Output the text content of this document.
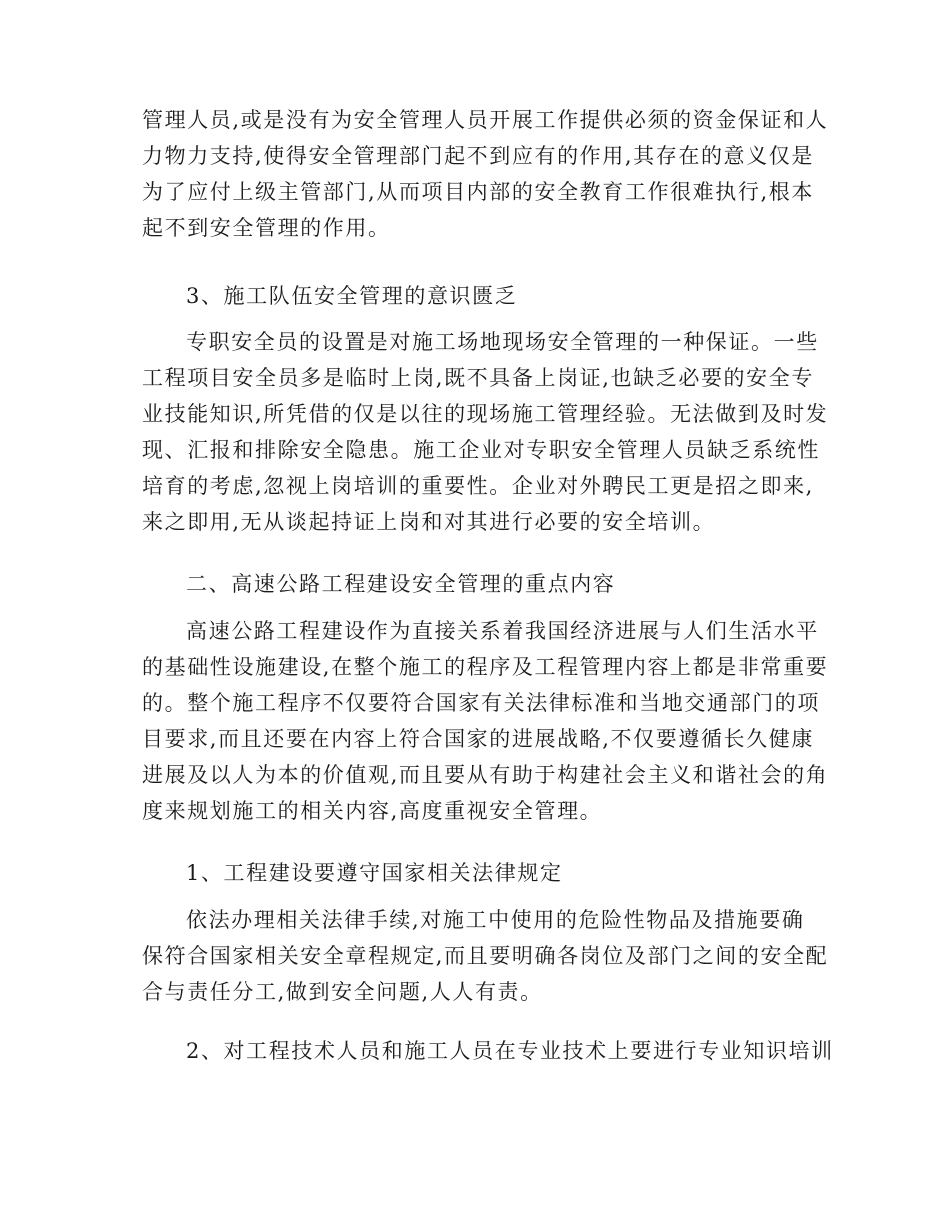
管理人员,或是没有为安全管理人员开展工作提供必须的资金保证和人
力物力支持,使得安全管理部门起不到应有的作用,其存在的意义仅是
为了应付上级主管部门,从而项目内部的安全教育工作很难执行,根本
起不到安全管理的作用。

3、施工队伍安全管理的意识匮乏

专职安全员的设置是对施工场地现场安全管理的一种保证。一些
工程项目安全员多是临时上岗,既不具备上岗证,也缺乏必要的安全专
业技能知识,所凭借的仅是以往的现场施工管理经验。无法做到及时发
现、汇报和排除安全隐患。施工企业对专职安全管理人员缺乏系统性
培育的考虑,忽视上岗培训的重要性。企业对外聘民工更是招之即来,
来之即用,无从谈起持证上岗和对其进行必要的安全培训。

二、高速公路工程建设安全管理的重点内容

高速公路工程建设作为直接关系着我国经济进展与人们生活水平
的基础性设施建设,在整个施工的程序及工程管理内容上都是非常重要
的。整个施工程序不仅要符合国家有关法律标准和当地交通部门的项
目要求,而且还要在内容上符合国家的进展战略,不仅要遵循长久健康
进展及以人为本的价值观,而且要从有助于构建社会主义和谐社会的角
度来规划施工的相关内容,高度重视安全管理。

1、工程建设要遵守国家相关法律规定

依法办理相关法律手续,对施工中使用的危险性物品及措施要确
保符合国家相关安全章程规定,而且要明确各岗位及部门之间的安全配
合与责任分工,做到安全问题,人人有责。

2、对工程技术人员和施工人员在专业技术上要进行专业知识培训
